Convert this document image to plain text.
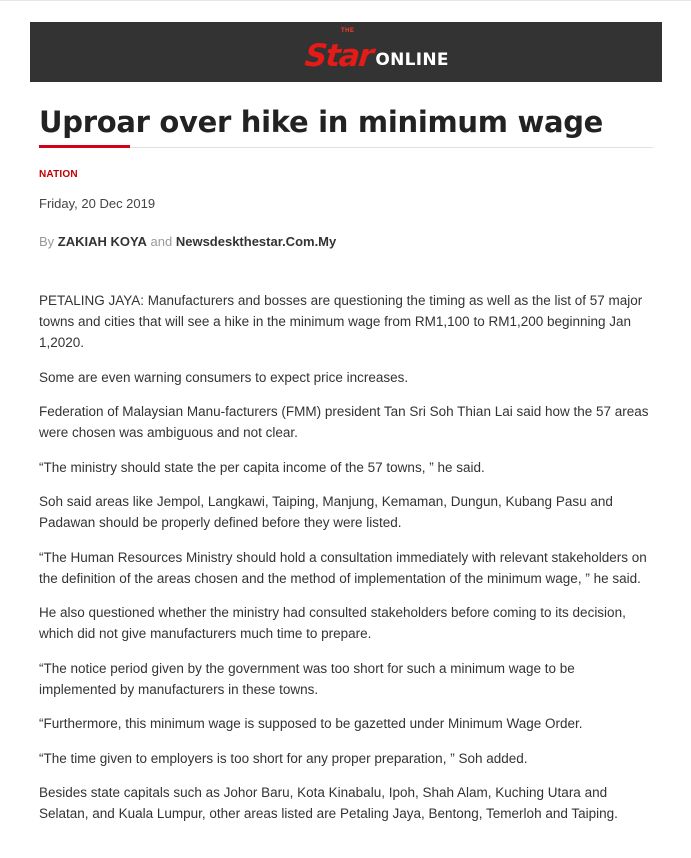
THE
Star ONLINE
Uproar over hike in minimum wage
NATION
Friday, 20 Dec 2019
By ZAKIAH KOYA and Newsdeskthestar.Com.My

PETALING JAYA: Manufacturers and bosses are questioning the timing as well as the list of 57 major towns and cities that will see a hike in the minimum wage from RM1,100 to RM1,200 beginning Jan 1,2020.

Some are even warning consumers to expect price increases.

Federation of Malaysian Manu-facturers (FMM) president Tan Sri Soh Thian Lai said how the 57 areas were chosen was ambiguous and not clear.

“The ministry should state the per capita income of the 57 towns, ” he said.

Soh said areas like Jempol, Langkawi, Taiping, Manjung, Kemaman, Dungun, Kubang Pasu and Padawan should be properly defined before they were listed.

“The Human Resources Ministry should hold a consultation immediately with relevant stakeholders on the definition of the areas chosen and the method of implementation of the minimum wage, ” he said.

He also questioned whether the ministry had consulted stakeholders before coming to its decision, which did not give manufacturers much time to prepare.

“The notice period given by the government was too short for such a minimum wage to be implemented by manufacturers in these towns.

“Furthermore, this minimum wage is supposed to be gazetted under Minimum Wage Order.

“The time given to employers is too short for any proper preparation, ” Soh added.

Besides state capitals such as Johor Baru, Kota Kinabalu, Ipoh, Shah Alam, Kuching Utara and Selatan, and Kuala Lumpur, other areas listed are Petaling Jaya, Bentong, Temerloh and Taiping.
